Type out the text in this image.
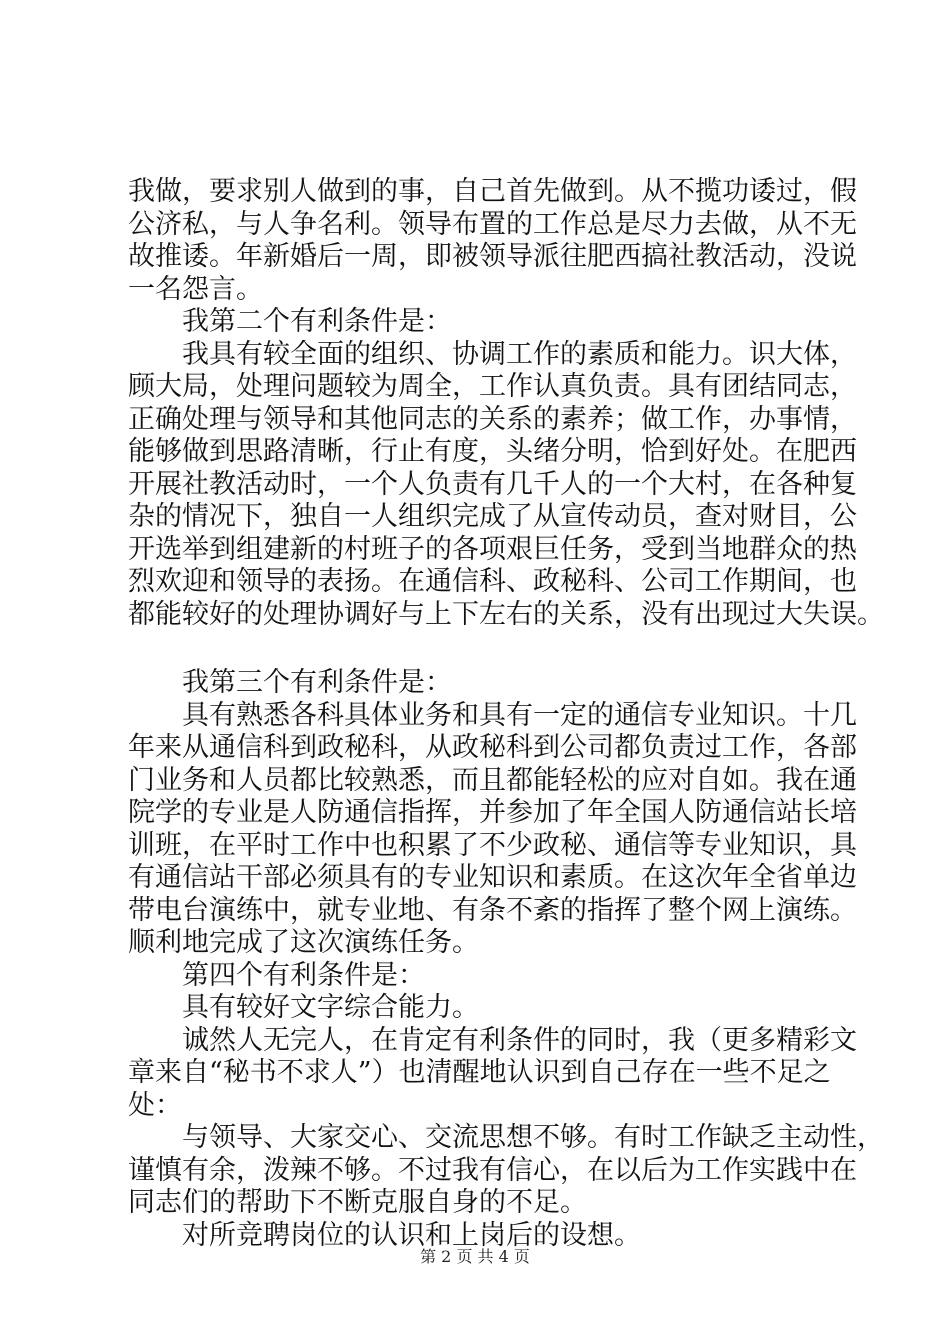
我做，要求别人做到的事，自己首先做到。从不揽功诿过，假
公济私，与人争名利。领导布置的工作总是尽力去做，从不无
故推诿。年新婚后一周，即被领导派往肥西搞社教活动，没说
一名怨言。
我第二个有利条件是：
我具有较全面的组织、协调工作的素质和能力。识大体，
顾大局，处理问题较为周全，工作认真负责。具有团结同志，
正确处理与领导和其他同志的关系的素养；做工作，办事情，
能够做到思路清晰，行止有度，头绪分明，恰到好处。在肥西
开展社教活动时，一个人负责有几千人的一个大村，在各种复
杂的情况下，独自一人组织完成了从宣传动员，查对财目，公
开选举到组建新的村班子的各项艰巨任务，受到当地群众的热
烈欢迎和领导的表扬。在通信科、政秘科、公司工作期间，也
都能较好的处理协调好与上下左右的关系，没有出现过大失误。
我第三个有利条件是：
具有熟悉各科具体业务和具有一定的通信专业知识。十几
年来从通信科到政秘科，从政秘科到公司都负责过工作，各部
门业务和人员都比较熟悉，而且都能轻松的应对自如。我在通
院学的专业是人防通信指挥，并参加了年全国人防通信站长培
训班，在平时工作中也积累了不少政秘、通信等专业知识，具
有通信站干部必须具有的专业知识和素质。在这次年全省单边
带电台演练中，就专业地、有条不紊的指挥了整个网上演练。
顺利地完成了这次演练任务。
第四个有利条件是：
具有较好文字综合能力。
诚然人无完人，在肯定有利条件的同时，我（更多精彩文
章来自“秘书不求人”）也清醒地认识到自己存在一些不足之
处：
与领导、大家交心、交流思想不够。有时工作缺乏主动性，
谨慎有余，泼辣不够。不过我有信心，在以后为工作实践中在
同志们的帮助下不断克服自身的不足。
对所竞聘岗位的认识和上岗后的设想。
第 2 页 共 4 页
